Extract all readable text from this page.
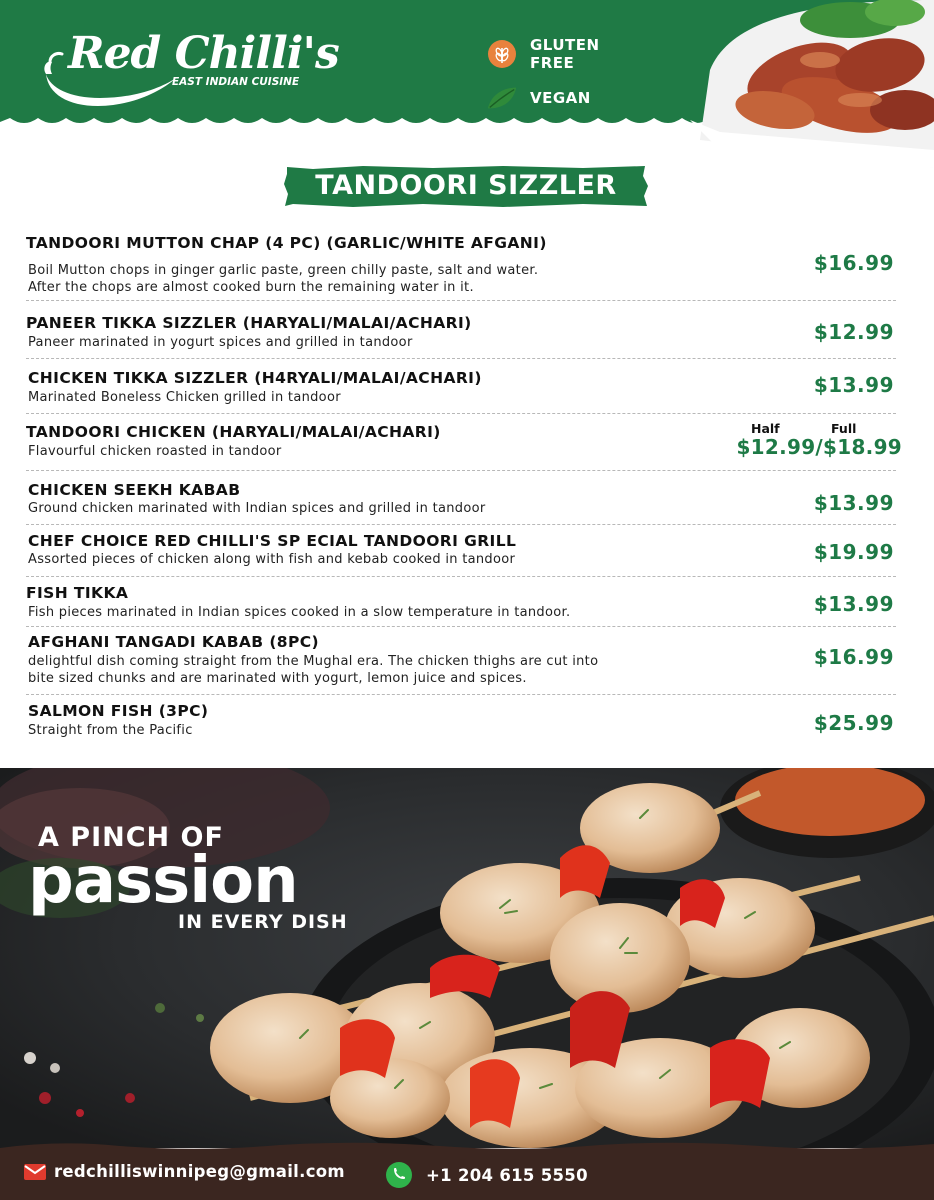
Red Chilli's
EAST INDIAN CUISINE
GLUTEN
FREE
VEGAN
TANDOORI SIZZLER
TANDOORI MUTTON CHAP (4 PC) (GARLIC/WHITE AFGANI)
Boil Mutton chops in ginger garlic paste, green chilly paste, salt and water.
After the chops are almost cooked burn the remaining water in it.
$16.99
PANEER TIKKA SIZZLER (HARYALI/MALAI/ACHARI)
Paneer marinated in yogurt spices and grilled in tandoor	$12.99
CHICKEN TIKKA SIZZLER (H4RYALI/MALAI/ACHARI)
Marinated Boneless Chicken grilled in tandoor
$13.99
TANDOORI CHICKEN (HARYALI/MALAI/ACHARI)
Flavourful chicken roasted in tandoor
Half	Full
$12.99/$18.99
CHICKEN SEEKH KABAB
Ground chicken marinated with Indian spices and grilled in tandoor	$13.99
CHEF CHOICE RED CHILLI'S SP ECIAL TANDOORI GRILL
Assorted pieces of chicken along with fish and kebab cooked in tandoor	$19.99
FISH TIKKA
Fish pieces marinated in Indian spices cooked in a slow temperature in tandoor.	$13.99
AFGHANI TANGADI KABAB (8PC)
delightful dish coming straight from the Mughal era. The chicken thighs are cut into
bite sized chunks and are marinated with yogurt, lemon juice and spices.
$16.99
SALMON FISH (3PC)
Straight from the Pacific	$25.99
A PINCH OF
passion
IN EVERY DISH
redchilliswinnipeg@gmail.com	+1 204 615 5550
